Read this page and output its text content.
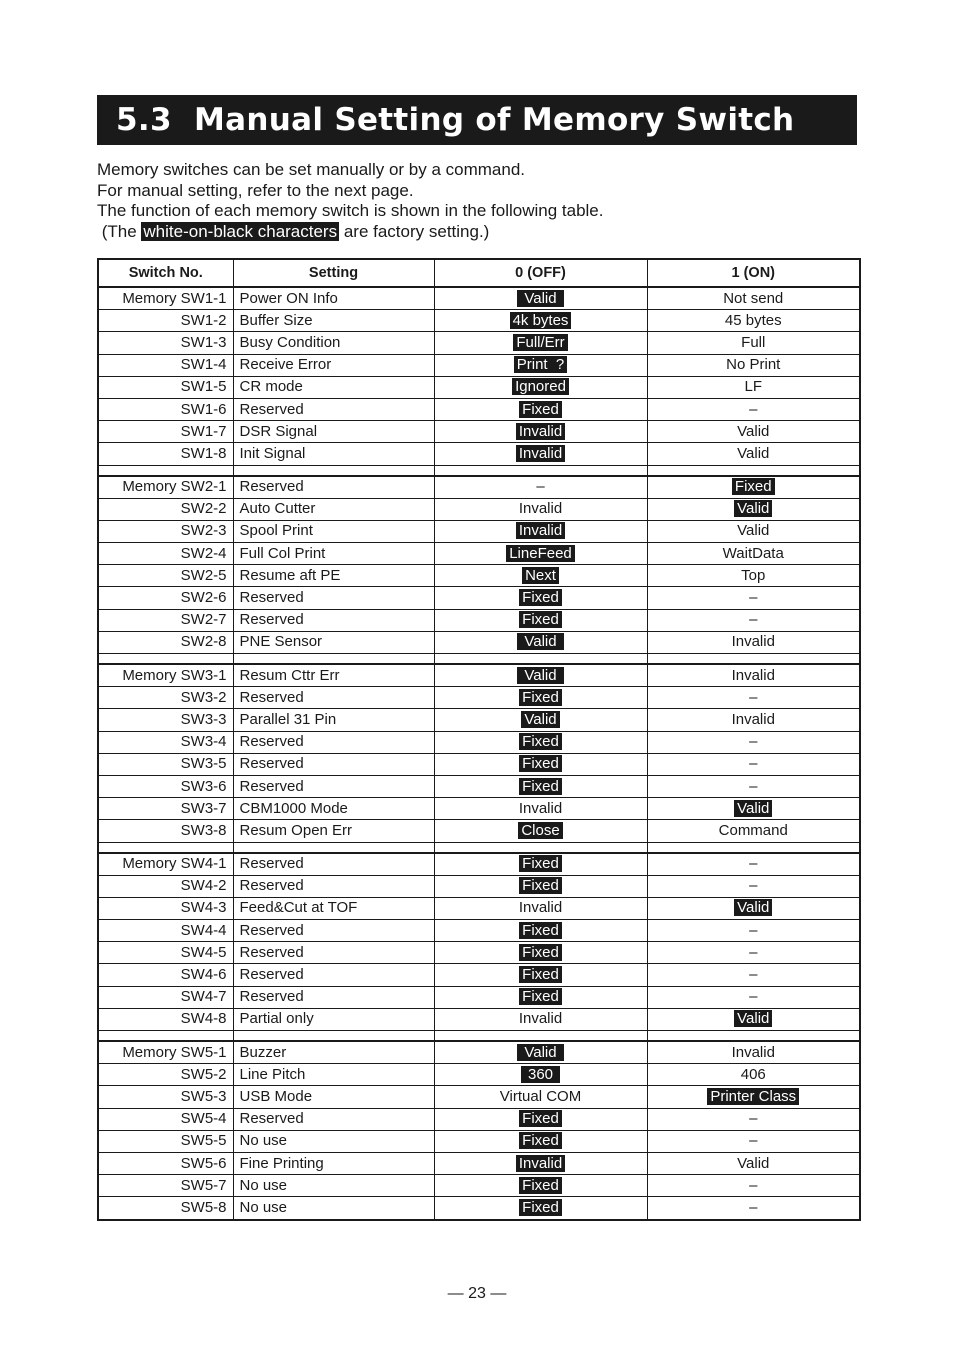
5.3  Manual Setting of Memory Switch

Memory switches can be set manually or by a command.

For manual setting, refer to the next page.

The function of each memory switch is shown in the following table.

(The white-on-black characters are factory setting.)

Switch No.	Setting	0 (OFF)	1 (ON)
Memory SW1-1	Power ON Info	Valid	Not send
SW1-2	Buffer Size	4k bytes	45 bytes
SW1-3	Busy Condition	Full/Err	Full
SW1-4	Receive Error	Print  ?	No Print
SW1-5	CR mode	Ignored	LF
SW1-6	Reserved	Fixed	–
SW1-7	DSR Signal	Invalid	Valid
SW1-8	Init Signal	Invalid	Valid

Memory SW2-1	Reserved	–	Fixed
SW2-2	Auto Cutter	Invalid	Valid
SW2-3	Spool Print	Invalid	Valid
SW2-4	Full Col Print	LineFeed	WaitData
SW2-5	Resume aft PE	Next	Top
SW2-6	Reserved	Fixed	–
SW2-7	Reserved	Fixed	–
SW2-8	PNE Sensor	Valid	Invalid

Memory SW3-1	Resum Cttr Err	Valid	Invalid
SW3-2	Reserved	Fixed	–
SW3-3	Parallel 31 Pin	Valid	Invalid
SW3-4	Reserved	Fixed	–
SW3-5	Reserved	Fixed	–
SW3-6	Reserved	Fixed	–
SW3-7	CBM1000 Mode	Invalid	Valid
SW3-8	Resum Open Err	Close	Command

Memory SW4-1	Reserved	Fixed	–
SW4-2	Reserved	Fixed	–
SW4-3	Feed&Cut at TOF	Invalid	Valid
SW4-4	Reserved	Fixed	–
SW4-5	Reserved	Fixed	–
SW4-6	Reserved	Fixed	–
SW4-7	Reserved	Fixed	–
SW4-8	Partial only	Invalid	Valid

Memory SW5-1	Buzzer	Valid	Invalid
SW5-2	Line Pitch	360	406
SW5-3	USB Mode	Virtual COM	Printer Class
SW5-4	Reserved	Fixed	–
SW5-5	No use	Fixed	–
SW5-6	Fine Printing	Invalid	Valid
SW5-7	No use	Fixed	–
SW5-8	No use	Fixed	–
— 23 —
